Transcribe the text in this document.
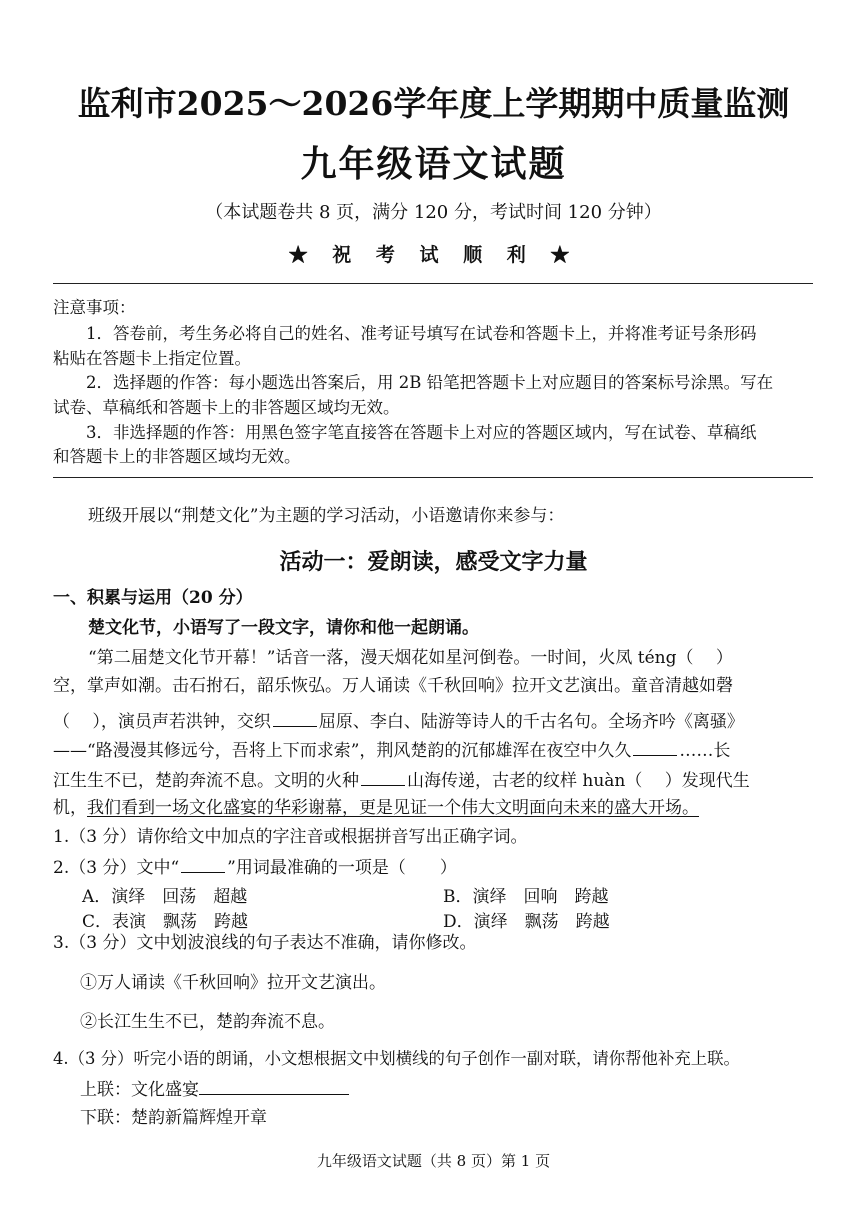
监利市2025～2026学年度上学期期中质量监测
九年级语文试题
（本试题卷共 8 页，满分 120 分，考试时间 120 分钟）
★ 祝 考 试 顺 利 ★
注意事项：
1．答卷前，考生务必将自己的姓名、准考证号填写在试卷和答题卡上，并将准考证号条形码
粘贴在答题卡上指定位置。
2．选择题的作答：每小题选出答案后，用 2B 铅笔把答题卡上对应题目的答案标号涂黑。写在
试卷、草稿纸和答题卡上的非答题区域均无效。
3．非选择题的作答：用黑色签字笔直接答在答题卡上对应的答题区域内，写在试卷、草稿纸
和答题卡上的非答题区域均无效。
班级开展以“荆楚文化”为主题的学习活动，小语邀请你来参与：
活动一：爱朗读，感受文字力量
一、积累与运用（20 分）
楚文化节，小语写了一段文字，请你和他一起朗诵。
“第二届楚文化节开幕！”话音一落，漫天烟花如星河倒卷。一时间，火凤 téng（　 ）
空，掌声如潮。击石拊石，韶乐恢弘。万人诵读《千秋回响》拉开文艺演出。童音清越如磬
（　 ），演员声若洪钟，交织	屈原、李白、陆游等诗人的千古名句。全场齐吟《离骚》
——“路漫漫其修远兮，吾将上下而求索”，荆风楚韵的沉郁雄浑在夜空中久久	……长
江生生不已，楚韵奔流不息。文明的火种	山海传递，古老的纹样 huàn（　 ）发现代生
机，我们看到一场文化盛宴的华彩谢幕，更是见证一个伟大文明面向未来的盛大开场。
1.（3 分）请你给文中加点的字注音或根据拼音写出正确字词。
2.（3 分）文中“	”用词最准确的一项是（　　）
A．演绎　回荡　超越	B．演绎　回响　跨越
C．表演　飘荡　跨越	D．演绎　飘荡　跨越
3.（3 分）文中划波浪线的句子表达不准确，请你修改。
①万人诵读《千秋回响》拉开文艺演出。
②长江生生不已，楚韵奔流不息。
4.（3 分）听完小语的朗诵，小文想根据文中划横线的句子创作一副对联，请你帮他补充上联。
上联：文化盛宴
下联：楚韵新篇辉煌开章
九年级语文试题（共 8 页）第 1 页
